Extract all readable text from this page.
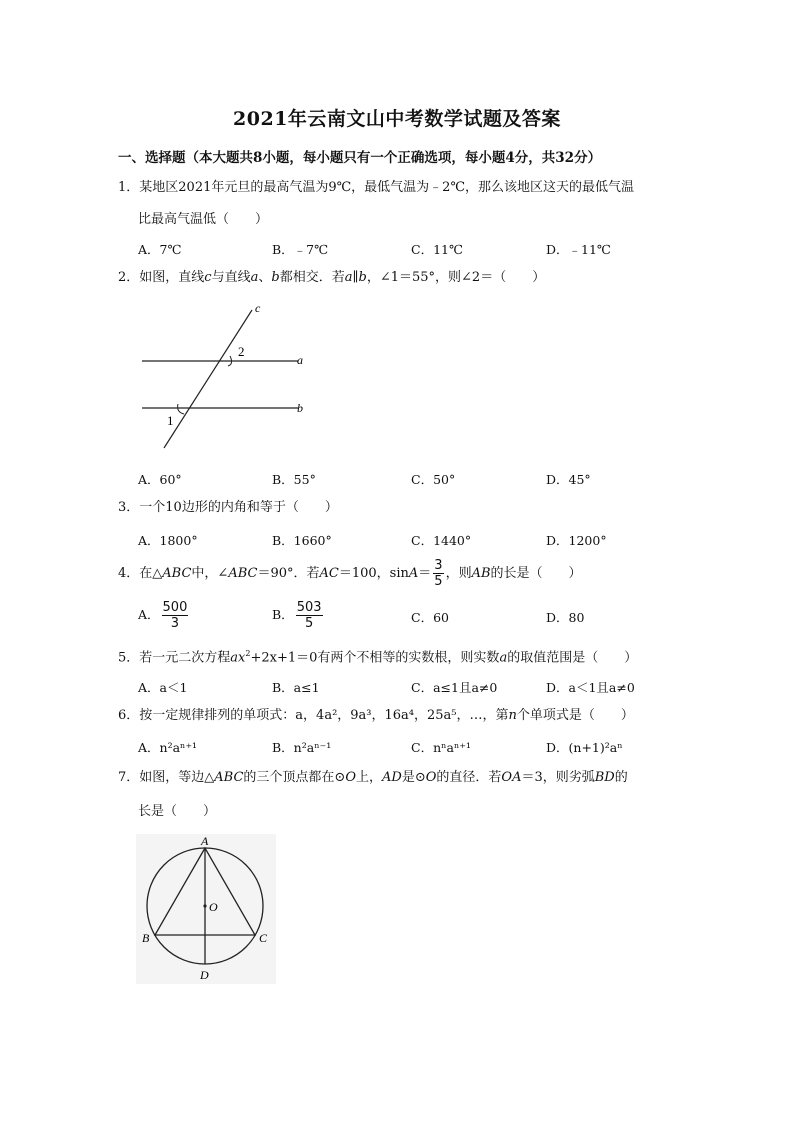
2021年云南文山中考数学试题及答案
一、选择题（本大题共8小题，每小题只有一个正确选项，每小题4分，共32分）
1．某地区2021年元旦的最高气温为9℃，最低气温为﹣2℃，那么该地区这天的最低气温
比最高气温低（　　）
A．7℃	B．﹣7℃	C．11℃	D．﹣11℃
2．如图，直线c与直线a、b都相交．若a∥b，∠1＝55°，则∠2＝（　　）
c
a
b
2
1
A．60°	B．55°	C．50°	D．45°
3．一个10边形的内角和等于（　　）
A．1800°	B．1660°	C．1440°	D．1200°
4．在△ABC中，∠ABC＝90°．若AC＝100，$\sin A= \frac{3}{5}$ ，则AB的长是（　　）
A． $\frac{500}{3}$	B． $\frac{503}{5}$	C．60	D．80
5．若一元二次方程$ax^2+2x+1=0$有两个不相等的实数根，则实数a的取值范围是（　　）
A．a＜1	B．a≤1	C．a≤1且a≠0	D．a＜1且a≠0
6．按一定规律排列的单项式：a，4a²，9a³，16a⁴，25a⁵，…，第n个单项式是（　　）
A．n²aⁿ⁺¹	B．n²aⁿ⁻¹	C．nⁿaⁿ⁺¹	D．(n+1)²aⁿ
7．如图，等边△ABC的三个顶点都在⊙O上，AD是⊙O的直径．若OA＝3，则劣弧BD的
长是（　　）
A
B	C
D
O
